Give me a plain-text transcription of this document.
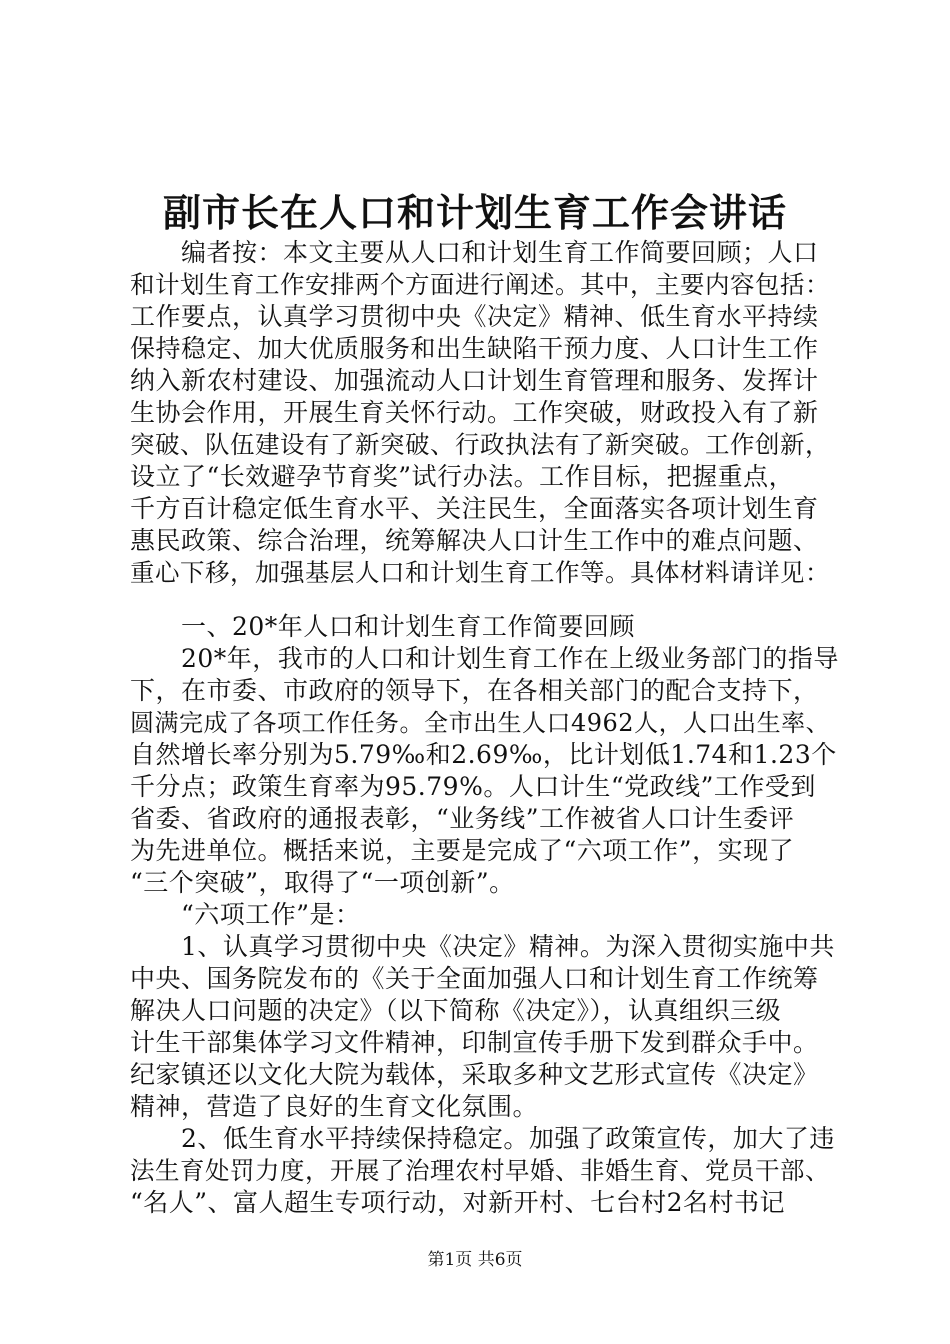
副市长在人口和计划生育工作会讲话
　　编者按：本文主要从人口和计划生育工作简要回顾；人口
和计划生育工作安排两个方面进行阐述。其中，主要内容包括：
工作要点，认真学习贯彻中央《决定》精神、低生育水平持续
保持稳定、加大优质服务和出生缺陷干预力度、人口计生工作
纳入新农村建设、加强流动人口计划生育管理和服务、发挥计
生协会作用，开展生育关怀行动。工作突破，财政投入有了新
突破、队伍建设有了新突破、行政执法有了新突破。工作创新，
设立了“长效避孕节育奖”试行办法。工作目标，把握重点，
千方百计稳定低生育水平、关注民生，全面落实各项计划生育
惠民政策、综合治理，统筹解决人口计生工作中的难点问题、
重心下移，加强基层人口和计划生育工作等。具体材料请详见：
　　一、20*年人口和计划生育工作简要回顾
　　20*年，我市的人口和计划生育工作在上级业务部门的指导
下，在市委、市政府的领导下，在各相关部门的配合支持下，
圆满完成了各项工作任务。全市出生人口4962人，人口出生率、
自然增长率分别为5.79‰和2.69‰，比计划低1.74和1.23个
千分点；政策生育率为95.79%。人口计生“党政线”工作受到
省委、省政府的通报表彰，“业务线”工作被省人口计生委评
为先进单位。概括来说，主要是完成了“六项工作”，实现了
“三个突破”，取得了“一项创新”。
　　“六项工作”是：
　　1、认真学习贯彻中央《决定》精神。为深入贯彻实施中共
中央、国务院发布的《关于全面加强人口和计划生育工作统筹
解决人口问题的决定》（以下简称《决定》），认真组织三级
计生干部集体学习文件精神，印制宣传手册下发到群众手中。
纪家镇还以文化大院为载体，采取多种文艺形式宣传《决定》
精神，营造了良好的生育文化氛围。
　　2、低生育水平持续保持稳定。加强了政策宣传，加大了违
法生育处罚力度，开展了治理农村早婚、非婚生育、党员干部、
“名人”、富人超生专项行动，对新开村、七台村2名村书记
第1页 共6页
